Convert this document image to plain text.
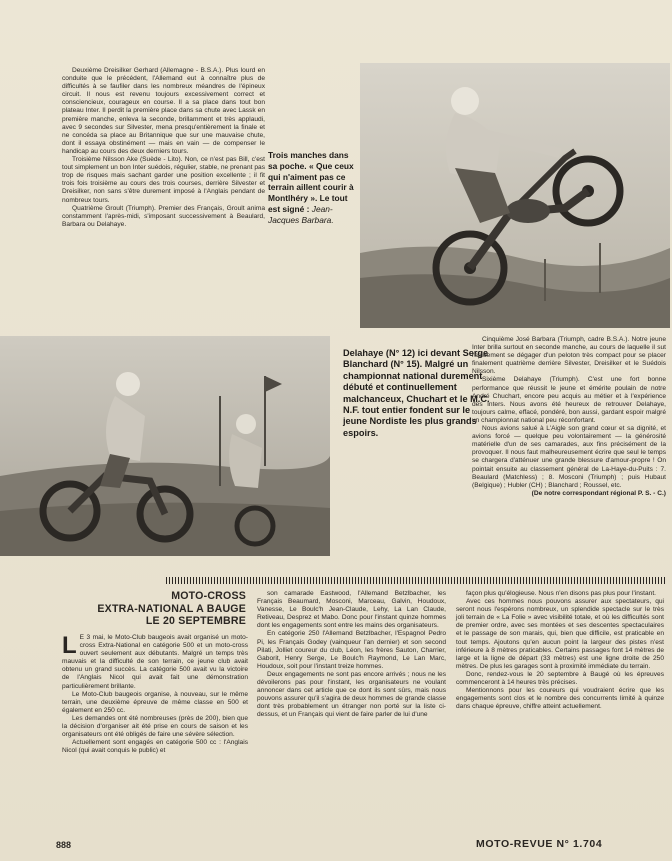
Deuxième Dreisilker Gerhard (Allemagne - B.S.A.). Plus lourd en conduite que le précédent, l'Allemand eut à connaître plus de difficultés à se faufiler dans les nombreux méandres de l'épineux circuit. Il nous est revenu toujours excessivement correct et consciencieux, courageux en course. Il a sa place dans tout bon plateau Inter. Il perdit la première place dans sa chute avec Lassk en première manche, enleva la seconde, brillamment et très applaudi, avec 9 secondes sur Silvester, mena presqu'entièrement la finale et ne concéda sa place au Britannique que sur une mauvaise chute, dont il essaya obstinément — mais en vain — de compenser le handicap au cours des deux derniers tours.

Troisième Nilsson Ake (Suède - Lito). Non, ce n'est pas Bill, c'est tout simplement un bon Inter suédois, régulier, stable, ne prenant pas trop de risques mais sachant garder une position excellente ; il fit trois fois troisième au cours des trois courses, derrière Silvester et Dreisilker, non sans s'être durement imposé à l'Anglais pendant de nombreux tours.

Quatrième Groult (Triumph). Premier des Français, Groult anima constamment l'après-midi, s'imposant successivement à Beaulard, Barbara ou Delahaye.

Trois manches dans sa poche. « Que ceux qui n'aiment pas ce terrain aillent courir à Montlhéry ». Le tout est signé : Jean-Jacques Barbara.
Delahaye (N° 12) ici devant Serge Blanchard (N° 15). Malgré un championnat national durement débuté et continuellement malchanceux, Chuchart et le M.C. N.F. tout entier fondent sur le jeune Nordiste les plus grands espoirs.

Cinquième José Barbara (Triumph, cadre B.S.A.). Notre jeune Inter brilla surtout en seconde manche, au cours de laquelle il sut rapidement se dégager d'un peloton très compact pour se placer finalement quatrième derrière Silvester, Dreisilker et le Suédois Nilsson.

Sixième Delahaye (Triumph). C'est une fort bonne performance que réussit le jeune et émérite poulain de notre André Chuchart, encore peu acquis au métier et à l'expérience des Inters. Nous avons été heureux de retrouver Delahaye, toujours calme, effacé, pondéré, bon aussi, gardant espoir malgré un championnat national peu réconfortant.

Nous avions salué à L'Aigle son grand cœur et sa dignité, et avions forcé — quelque peu volontairement — la générosité matérielle d'un de ses camarades, aux fins précisément de la provoquer. Il nous faut malheureusement écrire que seul le temps se chargera d'atténuer une grande blessure d'amour-propre ! On pointait ensuite au classement général de La-Haye-du-Puits : 7. Beaulard (Matchless) ; 8. Mosconi (Triumph) ; puis Hubaut (Belgique) ; Hubler (CH) ; Blanchard ; Roussel, etc.

(De notre correspondant régional P. S. - C.)

MOTO-CROSS
EXTRA-NATIONAL A BAUGE
LE 20 SEPTEMBRE

L E 3 mai, le Moto-Club baugeois avait organisé un moto-cross Extra-National en catégorie 500 et un moto-cross ouvert seulement aux débutants. Malgré un temps très mauvais et la difficulté de son terrain, ce jeune club avait obtenu un grand succès. La catégorie 500 avait vu la victoire de l'Anglais Nicol qui avait fait une démonstration particulièrement brillante.

Le Moto-Club baugeois organise, à nouveau, sur le même terrain, une deuxième épreuve de même classe en 500 et également en 250 cc.

Les demandes ont été nombreuses (près de 200), bien que la décision d'organiser ait été prise en cours de saison et les organisateurs ont été obligés de faire une sévère sélection.

Actuellement sont engagés en catégorie 500 cc : l'Anglais Nicol (qui avait conquis le public) et

son camarade Eastwood, l'Allemand Betzlbacher, les Français Beaumard, Mosconi, Marceau, Galvin, Houdoux, Vanesse, Le Boulc'h Jean-Claude, Lehy, La Lan Claude, Retiveau, Desprez et Mabo. Donc pour l'instant quinze hommes dont les engagements sont entre les mains des organisateurs.

En catégorie 250 l'Allemand Betzlbacher, l'Espagnol Pedro Pi, les Français Godey (vainqueur l'an dernier) et son second Pilati, Jolliet coureur du club, Léon, les frères Sauton, Charrier, Gaborit, Henry Serge, Le Boulc'h Raymond, Le Lan Marc, Houdoux, soit pour l'instant treize hommes.

Deux engagements ne sont pas encore arrivés ; nous ne les dévoilerons pas pour l'instant, les organisateurs ne voulant annoncer dans cet article que ce dont ils sont sûrs, mais nous pouvons assurer qu'il s'agira de deux hommes de grande classe dont très probablement un étranger non porté sur la liste ci-dessus, et un Français qui vient de faire parler de lui d'une

façon plus qu'élogieuse. Nous n'en disons pas plus pour l'instant.

Avec ces hommes nous pouvons assurer aux spectateurs, qui seront nous l'espérons nombreux, un splendide spectacle sur le très joli terrain de « La Folie » avec visibilité totale, et où les difficultés sont de premier ordre, avec ses montées et ses descentes spectaculaires et le passage de son marais, qui, bien que difficile, est praticable en tout temps. Ajoutons qu'en aucun point la largeur des pistes n'est inférieure à 8 mètres praticables. Certains passages font 14 mètres de large et la ligne de départ (33 mètres) est une ligne droite de 250 mètres. De plus les garages sont à proximité immédiate du terrain.

Donc, rendez-vous le 20 septembre à Baugé où les épreuves commenceront à 14 heures très précises.

Mentionnons pour les coureurs qui voudraient écrire que les engagements sont clos et le nombre des concurrents limité à quinze dans chaque épreuve, chiffre atteint actuellement.

888	MOTO-REVUE N° 1.704
